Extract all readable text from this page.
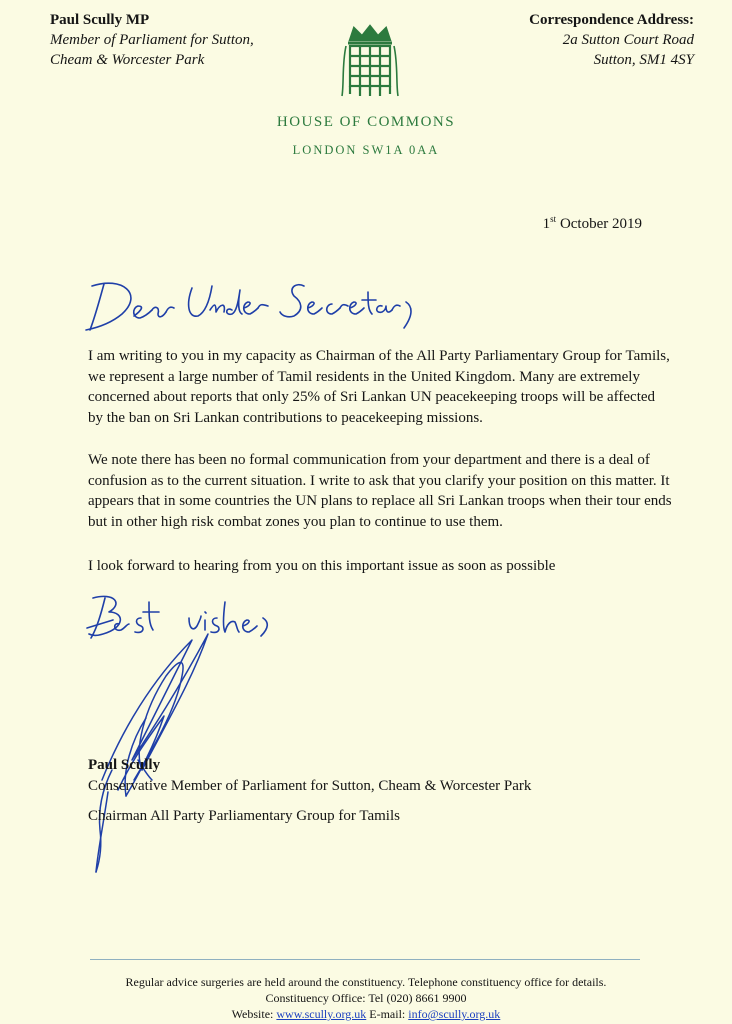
Paul Scully MP
Member of Parliament for Sutton,
Cheam & Worcester Park
Correspondence Address:
2a Sutton Court Road
Sutton, SM1 4SY
HOUSE OF COMMONS
LONDON SW1A 0AA
1st October 2019
I am writing to you in my capacity as Chairman of the All Party Parliamentary Group for Tamils, we represent a large number of Tamil residents in the United Kingdom. Many are extremely concerned about reports that only 25% of Sri Lankan UN peacekeeping troops will be affected by the ban on Sri Lankan contributions to peacekeeping missions.
We note there has been no formal communication from your department and there is a deal of confusion as to the current situation. I write to ask that you clarify your position on this matter. It appears that in some countries the UN plans to replace all Sri Lankan troops when their tour ends but in other high risk combat zones you plan to continue to use them.
I look forward to hearing from you on this important issue as soon as possible
Paul Scully
Conservative Member of Parliament for Sutton, Cheam & Worcester Park
Chairman All Party Parliamentary Group for Tamils
Regular advice surgeries are held around the constituency. Telephone constituency office for details.
Constituency Office: Tel (020) 8661 9900
Website: www.scully.org.uk E-mail: info@scully.org.uk
